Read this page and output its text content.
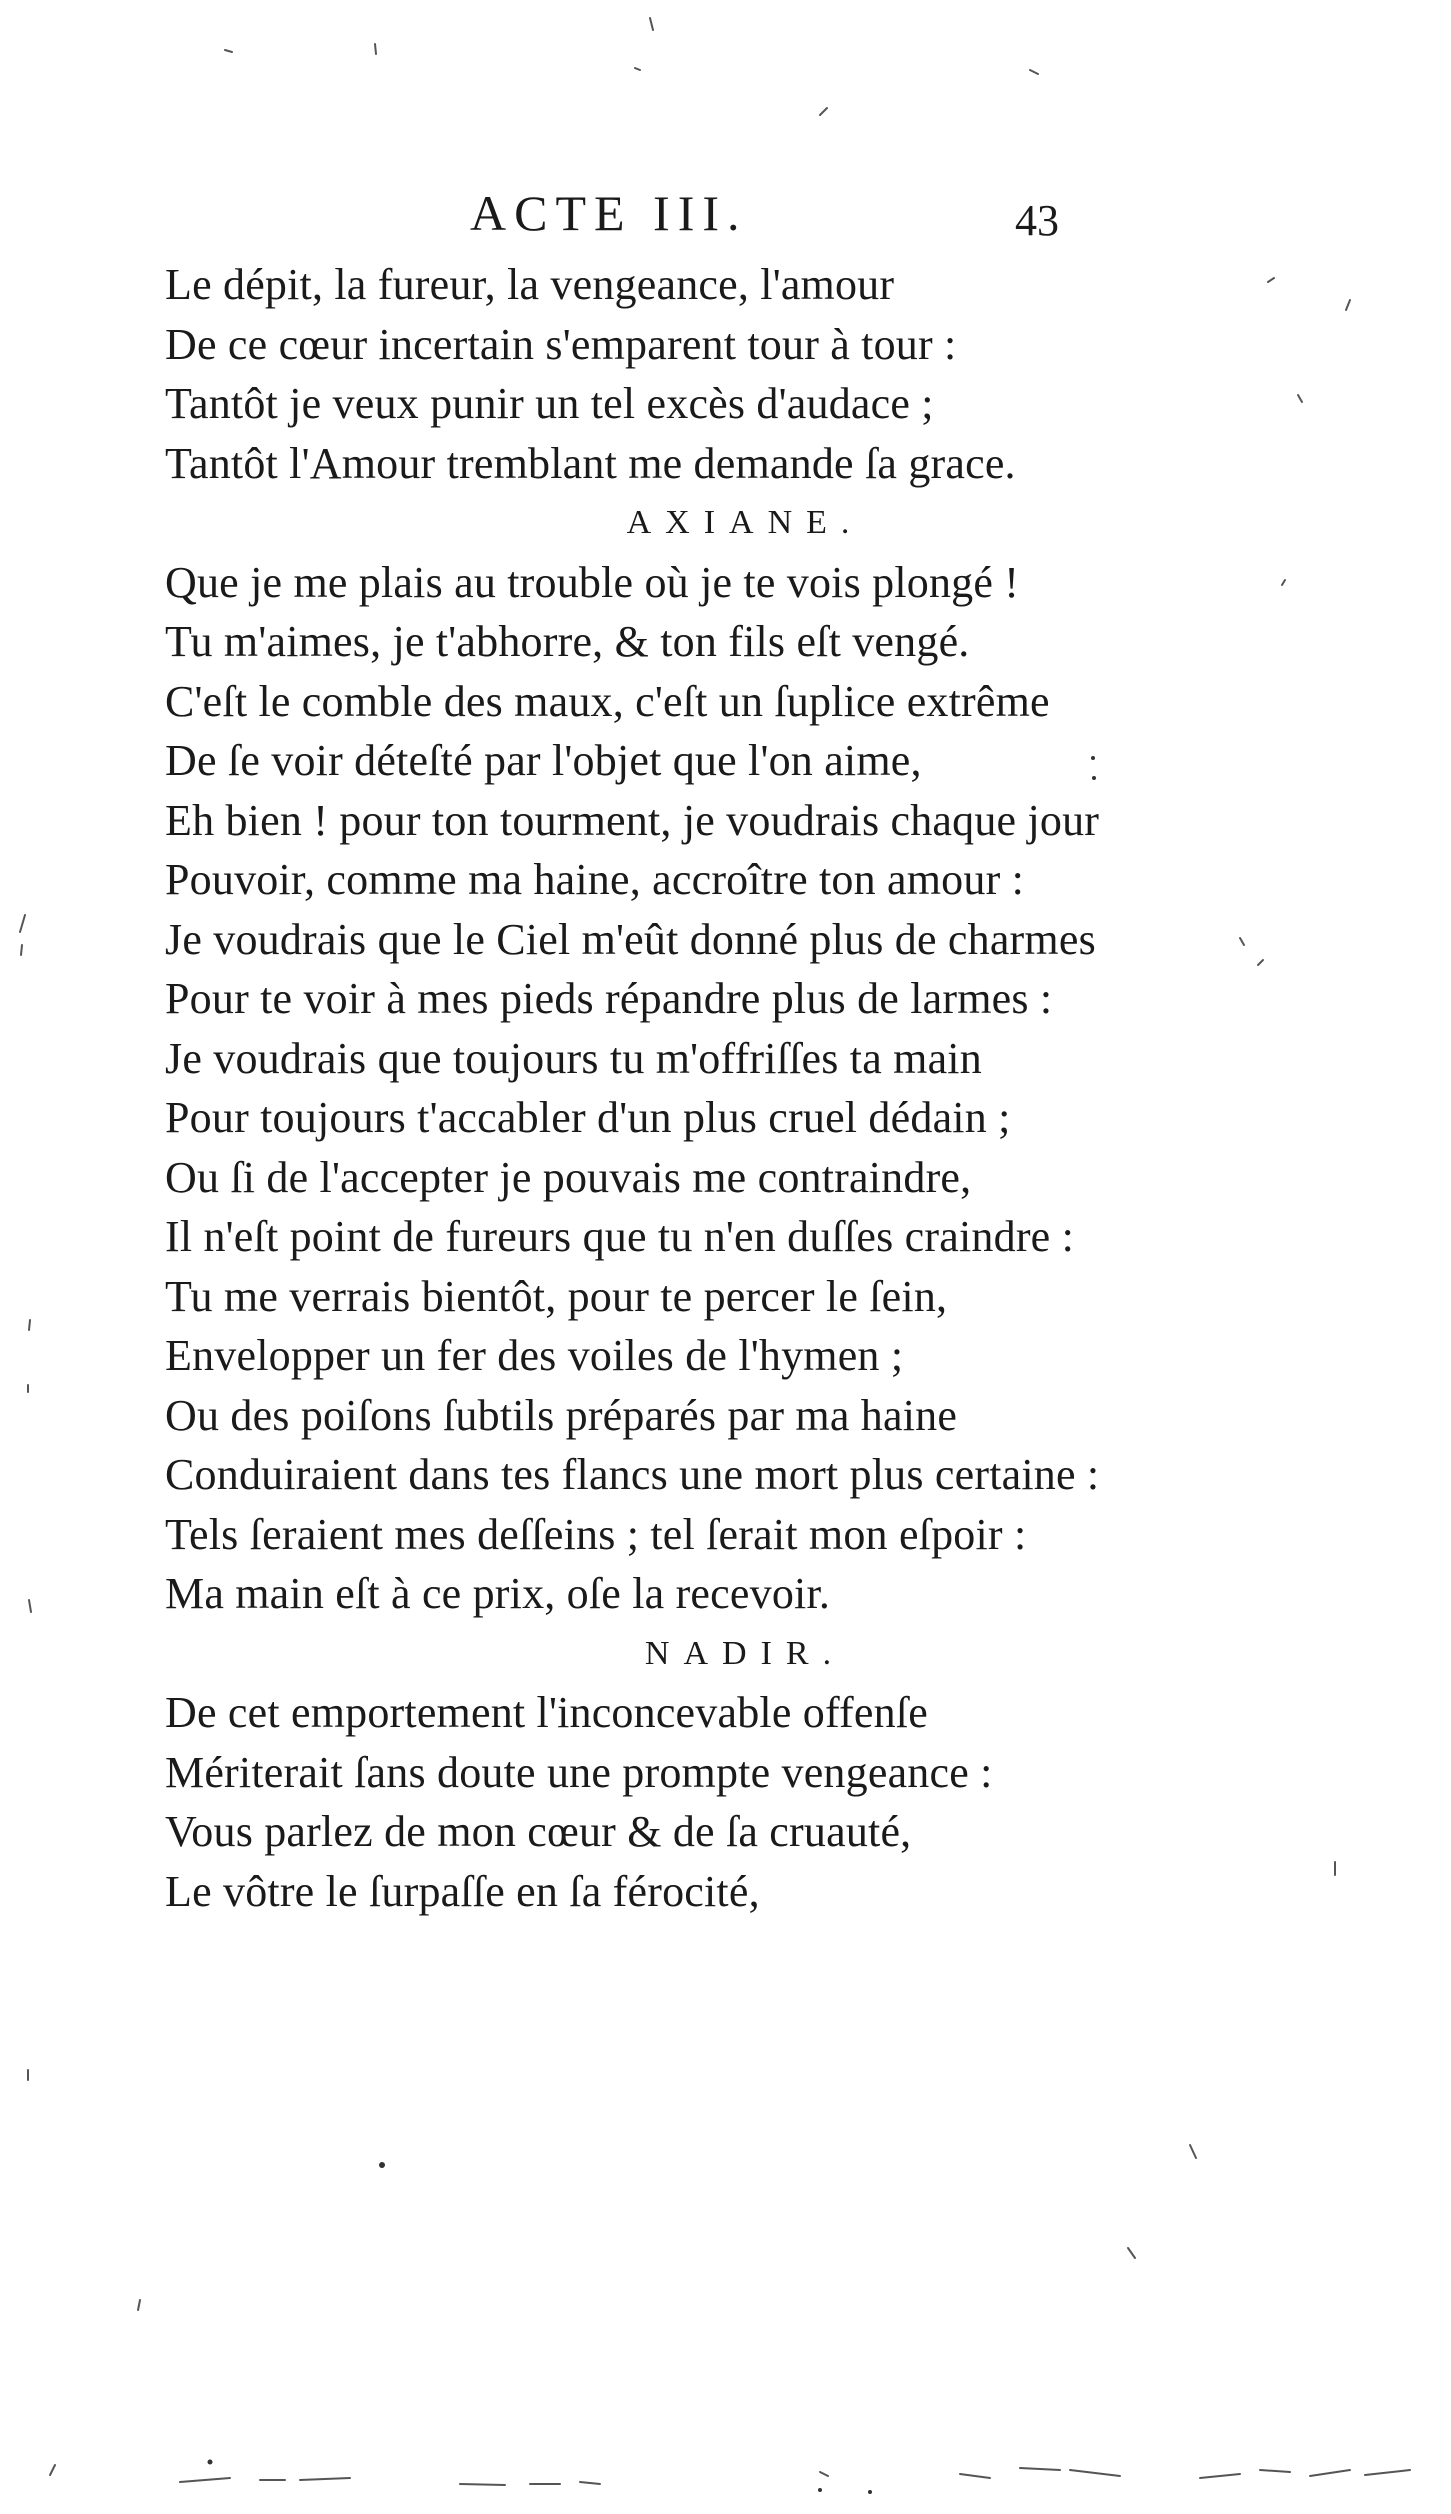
ACTE III.	43
Le dépit, la fureur, la vengeance, l'amour
De ce cœur incertain s'emparent tour à tour :
Tantôt je veux punir un tel excès d'audace ;
Tantôt l'Amour tremblant me demande ſa grace.
AXIANE.
Que je me plais au trouble où je te vois plongé !
Tu m'aimes, je t'abhorre, & ton fils eſt vengé.
C'eſt le comble des maux, c'eſt un ſuplice extrême
De ſe voir déteſté par l'objet que l'on aime,
Eh bien ! pour ton tourment, je voudrais chaque jour
Pouvoir, comme ma haine, accroître ton amour :
Je voudrais que le Ciel m'eût donné plus de charmes
Pour te voir à mes pieds répandre plus de larmes :
Je voudrais que toujours tu m'offriſſes ta main
Pour toujours t'accabler d'un plus cruel dédain ;
Ou ſi de l'accepter je pouvais me contraindre,
Il n'eſt point de fureurs que tu n'en duſſes craindre :
Tu me verrais bientôt, pour te percer le ſein,
Envelopper un fer des voiles de l'hymen ;
Ou des poiſons ſubtils préparés par ma haine
Conduiraient dans tes flancs une mort plus certaine :
Tels ſeraient mes deſſeins ; tel ſerait mon eſpoir :
Ma main eſt à ce prix, oſe la recevoir.
NADIR.
De cet emportement l'inconcevable offenſe
Mériterait ſans doute une prompte vengeance :
Vous parlez de mon cœur & de ſa cruauté,
Le vôtre le ſurpaſſe en ſa férocité,
